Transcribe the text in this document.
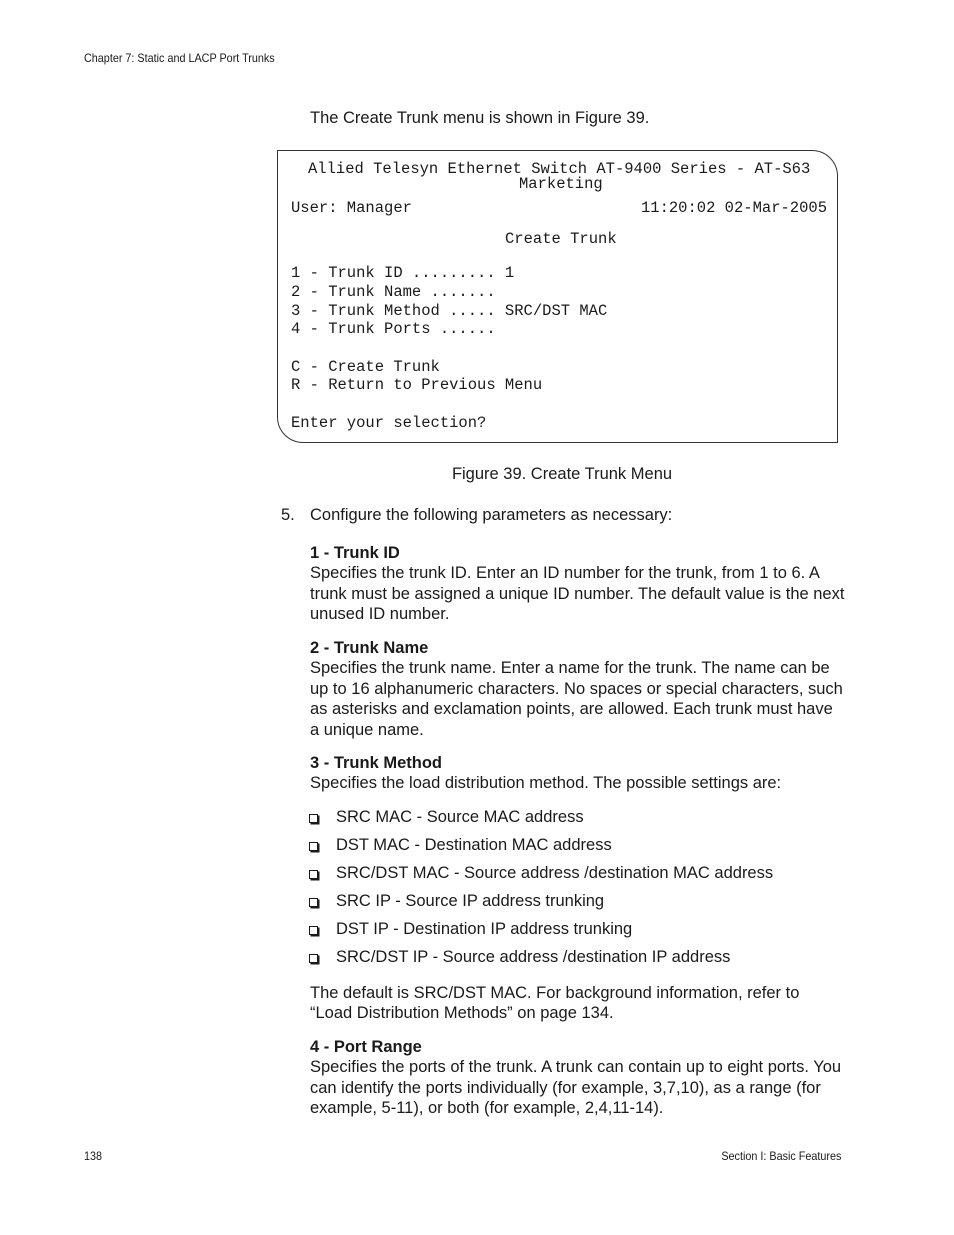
Chapter 7: Static and LACP Port Trunks
The Create Trunk menu is shown in Figure 39.
Allied Telesyn Ethernet Switch AT-9400 Series - AT-S63
Marketing
User: Manager	11:20:02 02-Mar-2005
Create Trunk
1 - Trunk ID ......... 1
2 - Trunk Name .......
3 - Trunk Method ..... SRC/DST MAC
4 - Trunk Ports ......
C - Create Trunk
R - Return to Previous Menu
Enter your selection?
Figure 39. Create Trunk Menu
5. Configure the following parameters as necessary:
1 - Trunk ID

Specifies the trunk ID. Enter an ID number for the trunk, from 1 to 6. A trunk must be assigned a unique ID number. The default value is the next unused ID number.

2 - Trunk Name

Specifies the trunk name. Enter a name for the trunk. The name can be up to 16 alphanumeric characters. No spaces or special characters, such as asterisks and exclamation points, are allowed. Each trunk must have a unique name.

3 - Trunk Method

Specifies the load distribution method. The possible settings are:

SRC MAC - Source MAC address
DST MAC - Destination MAC address
SRC/DST MAC - Source address /destination MAC address
SRC IP - Source IP address trunking
DST IP - Destination IP address trunking
SRC/DST IP - Source address /destination IP address

The default is SRC/DST MAC. For background information, refer to “Load Distribution Methods” on page 134.

4 - Port Range

Specifies the ports of the trunk. A trunk can contain up to eight ports. You can identify the ports individually (for example, 3,7,10), as a range (for example, 5-11), or both (for example, 2,4,11-14).

138	Section I: Basic Features
